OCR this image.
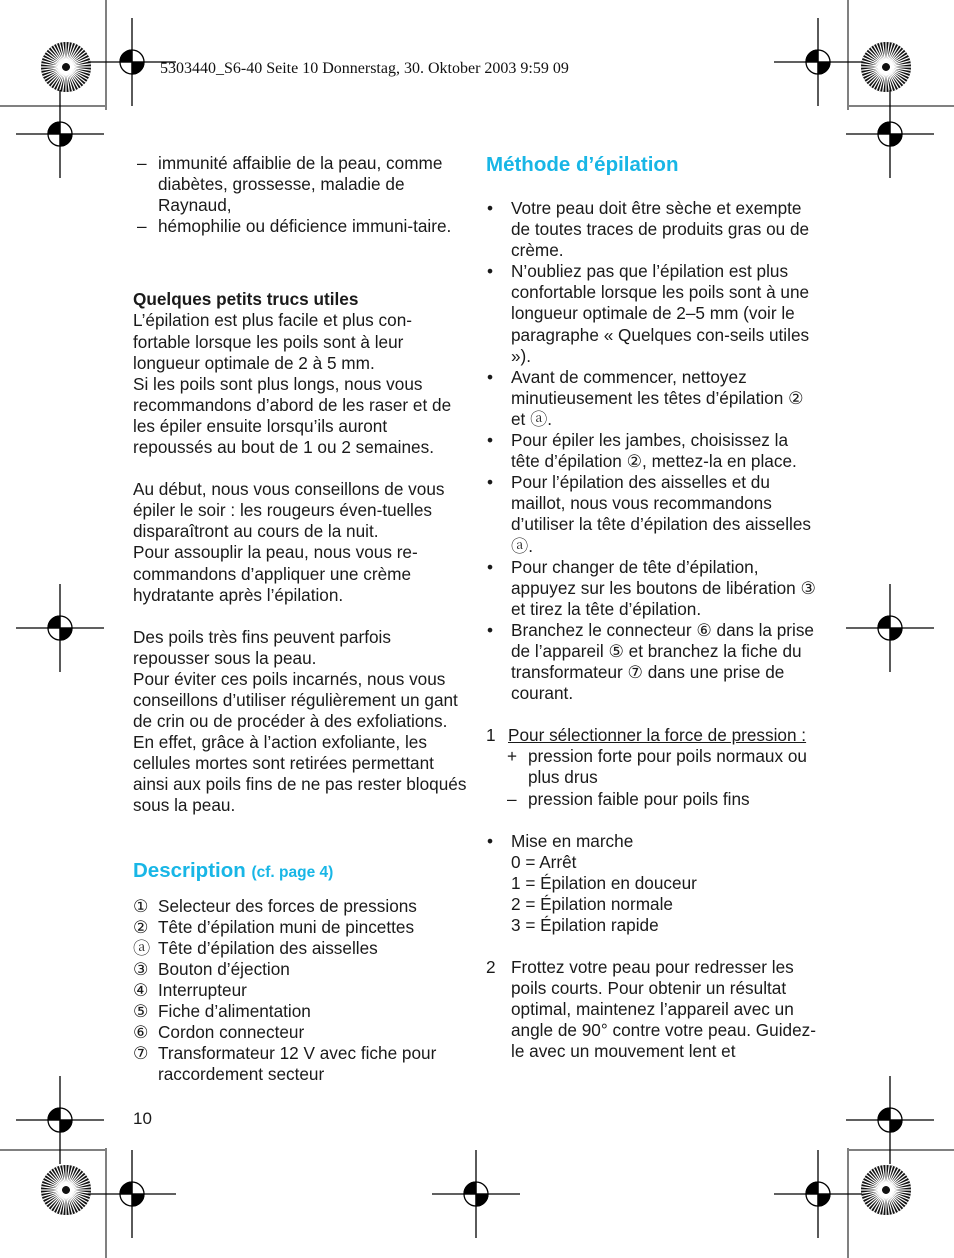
5303440_S6-40 Seite 10 Donnerstag, 30. Oktober 2003 9:59 09
– immunité affaiblie de la peau, comme diabètes, grossesse, maladie de Raynaud,
– hémophilie ou déficience immuni-taire.
Quelques petits trucs utiles
L’épilation est plus facile et plus con-fortable lorsque les poils sont à leur longueur optimale de 2 à 5 mm.
Si les poils sont plus longs, nous vous recommandons d’abord de les raser et de les épiler ensuite lorsqu’ils auront repoussés au bout de 1 ou 2 semaines.
Au début, nous vous conseillons de vous épiler le soir : les rougeurs éven-tuelles disparaîtront au cours de la nuit.
Pour assouplir la peau, nous vous re-commandons d’appliquer une crème hydratante après l’épilation.
Des poils très fins peuvent parfois repousser sous la peau.
Pour éviter ces poils incarnés, nous vous conseillons d’utiliser régulièrement un gant de crin ou de procéder à des exfoliations. En effet, grâce à l’action exfoliante, les cellules mortes sont retirées permettant ainsi aux poils fins de ne pas rester bloqués sous la peau.
Description (cf. page 4)
① Selecteur des forces de pressions
② Tête d’épilation muni de pincettes
ⓐ Tête d’épilation des aisselles
③ Bouton d’éjection
④ Interrupteur
⑤ Fiche d’alimentation
⑥ Cordon connecteur
⑦ Transformateur 12 V avec fiche pour raccordement secteur
10
Méthode d’épilation
•	Votre peau doit être sèche et exempte de toutes traces de produits gras ou de crème.
•	N’oubliez pas que l’épilation est plus confortable lorsque les poils sont à une longueur optimale de 2–5 mm (voir le paragraphe « Quelques con-seils utiles »).
•	Avant de commencer, nettoyez minutieusement les têtes d’épilation ② et ⓐ.
•	Pour épiler les jambes, choisissez la tête d’épilation ②, mettez-la en place.
•	Pour l’épilation des aisselles et du maillot, nous vous recommandons d’utiliser la tête d’épilation des aisselles ⓐ.
•	Pour changer de tête d’épilation, appuyez sur les boutons de libération ③ et tirez la tête d’épilation.
•	Branchez le connecteur ⑥ dans la prise de l’appareil ⑤ et branchez la fiche du transformateur ⑦ dans une prise de courant.
1 Pour sélectionner la force de pression :
+ pression forte pour poils normaux ou plus drus
– pression faible pour poils fins
•	Mise en marche
0 = Arrêt
1 = Épilation en douceur
2 = Épilation normale
3 = Épilation rapide
2 Frottez votre peau pour redresser les poils courts. Pour obtenir un résultat optimal, maintenez l’appareil avec un angle de 90° contre votre peau. Guidez-le avec un mouvement lent et
